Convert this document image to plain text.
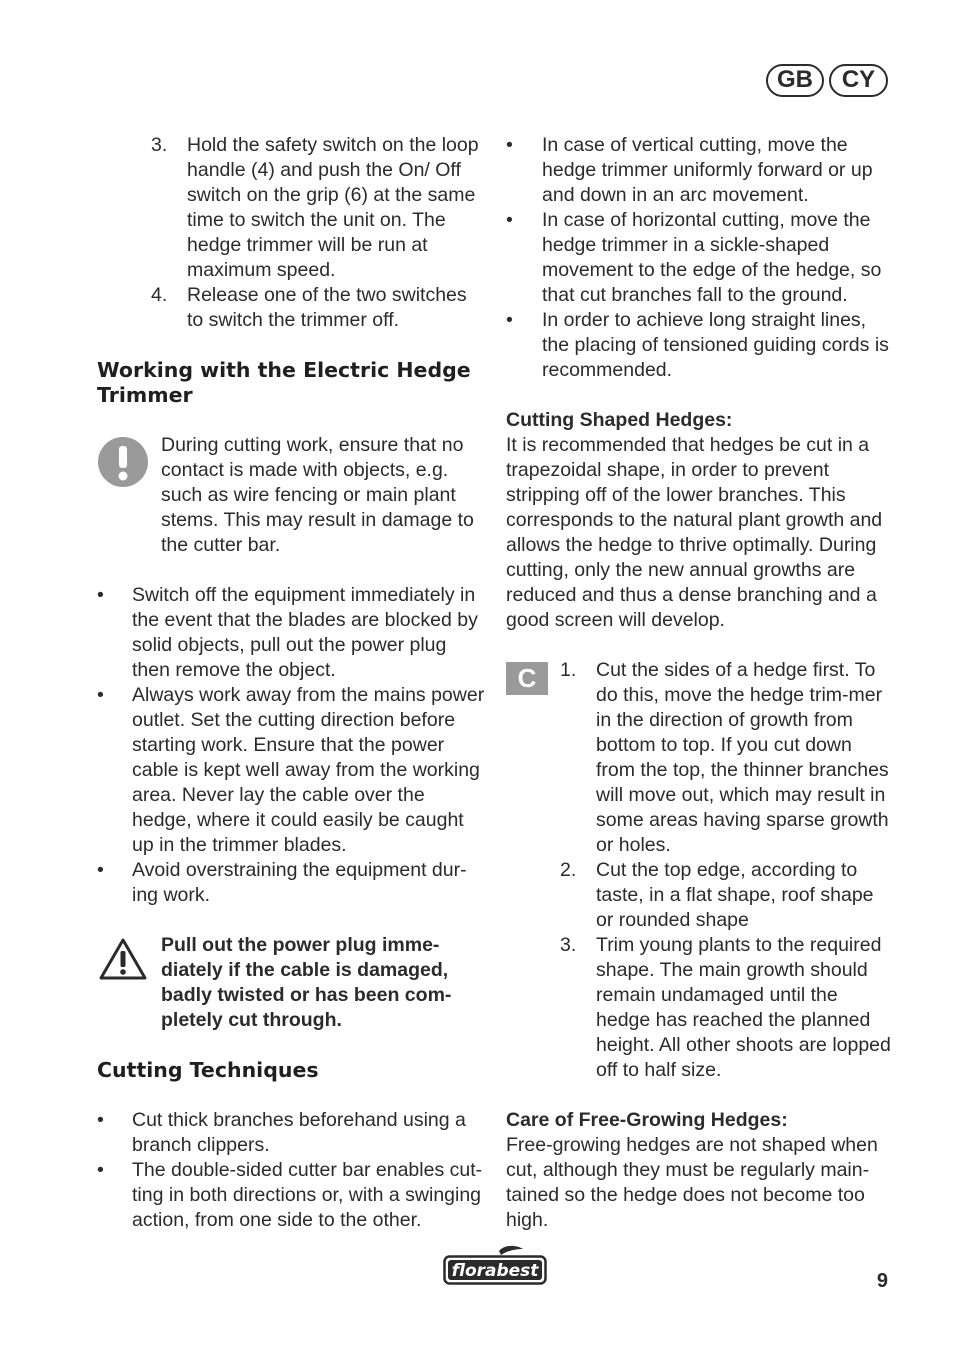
GB	CY
3. Hold the safety switch on the loop handle (4) and push the On/ Off switch on the grip (6) at the same time to switch the unit on. The hedge trimmer will be run at maximum speed.
4. Release one of the two switches to switch the trimmer off.
Working with the Electric Hedge Trimmer
During cutting work, ensure that no contact is made with objects, e.g. such as wire fencing or main plant stems. This may result in damage to the cutter bar.
• Switch off the equipment immediately in the event that the blades are blocked by solid objects, pull out the power plug then remove the object.
• Always work away from the mains power outlet. Set the cutting direction before starting work. Ensure that the power cable is kept well away from the working area. Never lay the cable over the hedge, where it could easily be caught up in the trimmer blades.
• Avoid overstraining the equipment dur-ing work.
Pull out the power plug imme-diately if the cable is damaged, badly twisted or has been com-pletely cut through.
Cutting Techniques
• Cut thick branches beforehand using a branch clippers.
• The double-sided cutter bar enables cut-ting in both directions or, with a swinging action, from one side to the other.
• In case of vertical cutting, move the hedge trimmer uniformly forward or up and down in an arc movement.
• In case of horizontal cutting, move the hedge trimmer in a sickle-shaped movement to the edge of the hedge, so that cut branches fall to the ground.
• In order to achieve long straight lines, the placing of tensioned guiding cords is recommended.
Cutting Shaped Hedges:
It is recommended that hedges be cut in a trapezoidal shape, in order to prevent stripping off of the lower branches. This corresponds to the natural plant growth and allows the hedge to thrive optimally. During cutting, only the new annual growths are reduced and thus a dense branching and a good screen will develop.
C	1. Cut the sides of a hedge first. To do this, move the hedge trim-mer in the direction of growth from bottom to top. If you cut down from the top, the thinner branches will move out, which may result in some areas having sparse growth or holes.
2. Cut the top edge, according to taste, in a flat shape, roof shape or rounded shape
3. Trim young plants to the required shape. The main growth should remain undamaged until the hedge has reached the planned height. All other shoots are lopped off to half size.
Care of Free-Growing Hedges:
Free-growing hedges are not shaped when cut, although they must be regularly main-tained so the hedge does not become too high.
florabest	9
